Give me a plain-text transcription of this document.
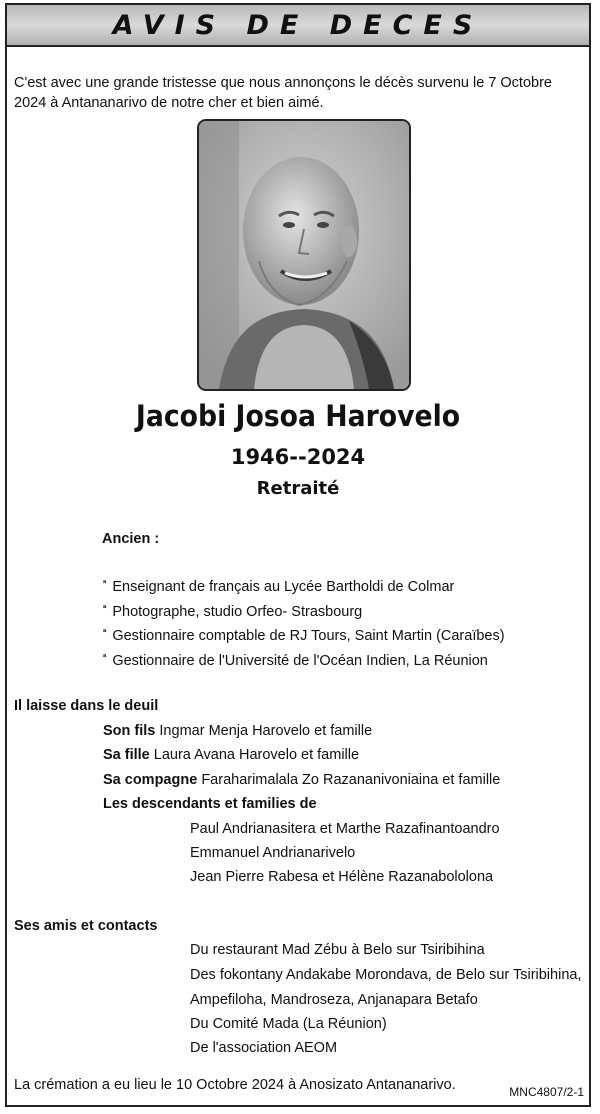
AVIS DE DECES
C'est avec une grande tristesse que nous annonçons le décès survenu le 7 Octobre 2024 à Antananarivo de notre cher et bien aimé.
Jacobi Josoa Harovelo
1946--2024
Retraité
Ancien :
ª Enseignant de français au Lycée Bartholdi de Colmar
ª Photographe, studio Orfeo- Strasbourg
ª Gestionnaire comptable de RJ Tours, Saint Martin (Caraïbes)
ª Gestionnaire de l'Université de l'Océan Indien, La Réunion
Il laisse dans le deuil
Son fils Ingmar Menja Harovelo et famille
Sa fille Laura Avana Harovelo et famille
Sa compagne Faraharimalala Zo Razananivoniaina et famille
Les descendants et families de
Paul Andrianasitera et Marthe Razafinantoandro
Emmanuel Andrianarivelo
Jean Pierre Rabesa et Hélène Razanabololona
Ses amis et contacts
Du restaurant Mad Zébu à Belo sur Tsiribihina
Des fokontany Andakabe Morondava, de Belo sur Tsiribihina,
Ampefiloha, Mandroseza, Anjanapara Betafo
Du Comité Mada (La Réunion)
De l'association AEOM
La crémation a eu lieu le 10 Octobre 2024 à Anosizato Antananarivo.	MNC4807/2-1
